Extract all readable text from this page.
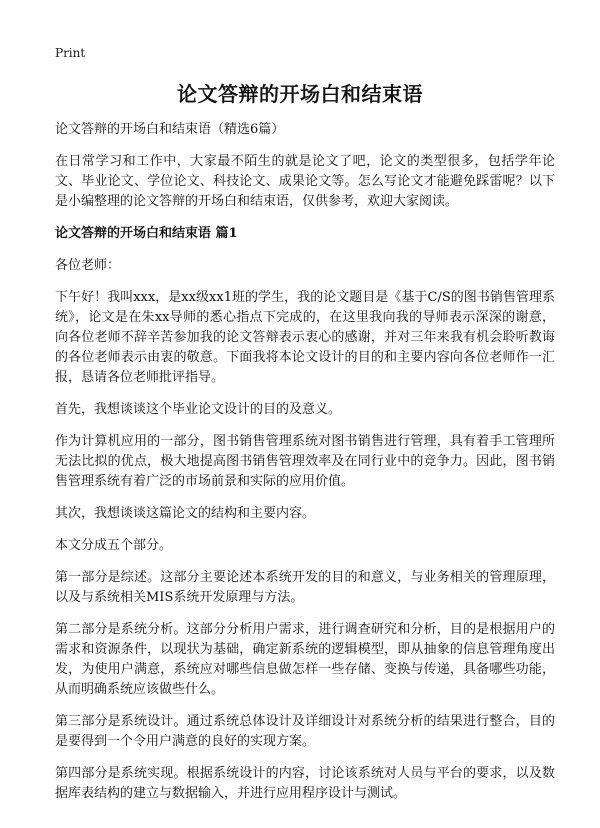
Print
论文答辩的开场白和结束语

论文答辩的开场白和结束语（精选6篇）

在日常学习和工作中，大家最不陌生的就是论文了吧，论文的类型很多，包括学年论文、毕业论文、学位论文、科技论文、成果论文等。怎么写论文才能避免踩雷呢？以下是小编整理的论文答辩的开场白和结束语，仅供参考，欢迎大家阅读。

论文答辩的开场白和结束语 篇1

各位老师：

下午好！我叫xxx，是xx级xx1班的学生，我的论文题目是《基于C/S的图书销售管理系统》，论文是在朱xx导师的悉心指点下完成的，在这里我向我的导师表示深深的谢意，向各位老师不辞辛苦参加我的论文答辩表示衷心的感谢，并对三年来我有机会聆听教诲的各位老师表示由衷的敬意。下面我将本论文设计的目的和主要内容向各位老师作一汇报，恳请各位老师批评指导。

首先，我想谈谈这个毕业论文设计的目的及意义。

作为计算机应用的一部分，图书销售管理系统对图书销售进行管理，具有着手工管理所无法比拟的优点，极大地提高图书销售管理效率及在同行业中的竞争力。因此，图书销售管理系统有着广泛的市场前景和实际的应用价值。

其次，我想谈谈这篇论文的结构和主要内容。

本文分成五个部分。

第一部分是综述。这部分主要论述本系统开发的目的和意义，与业务相关的管理原理，以及与系统相关MIS系统开发原理与方法。

第二部分是系统分析。这部分分析用户需求，进行调查研究和分析，目的是根据用户的需求和资源条件，以现状为基础，确定新系统的逻辑模型，即从抽象的信息管理角度出发，为使用户满意，系统应对哪些信息做怎样一些存储、变换与传递，具备哪些功能，从而明确系统应该做些什么。

第三部分是系统设计。通过系统总体设计及详细设计对系统分析的结果进行整合，目的是要得到一个令用户满意的良好的实现方案。

第四部分是系统实现。根据系统设计的内容，讨论该系统对人员与平台的要求，以及数据库表结构的建立与数据输入，并进行应用程序设计与测试。
